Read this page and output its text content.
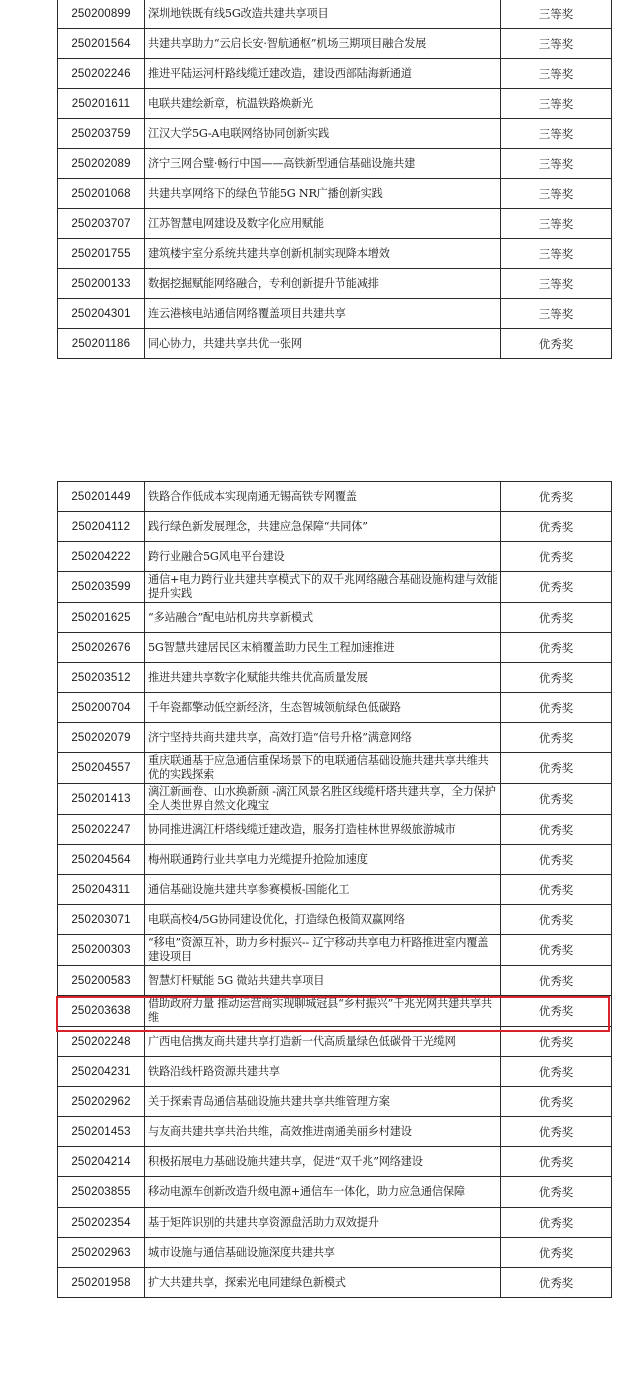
250200899	深圳地铁既有线5G改造共建共享项目	三等奖
250201564	共建共享助力“云启长安·智航通枢”机场三期项目融合发展	三等奖
250202246	推进平陆运河杆路线缆迁建改造，建设西部陆海新通道	三等奖
250201611	电联共建绘新章，杭温铁路焕新光	三等奖
250203759	江汉大学5G-A电联网络协同创新实践	三等奖
250202089	济宁三网合璧·畅行中国——高铁新型通信基础设施共建	三等奖
250201068	共建共享网络下的绿色节能5G NR广播创新实践	三等奖
250203707	江苏智慧电网建设及数字化应用赋能	三等奖
250201755	建筑楼宇室分系统共建共享创新机制实现降本增效	三等奖
250200133	数据挖掘赋能网络融合，专利创新提升节能减排	三等奖
250204301	连云港核电站通信网络覆盖项目共建共享	三等奖
250201186	同心协力，共建共享共优一张网	优秀奖
250201449	铁路合作低成本实现南通无锡高铁专网覆盖	优秀奖
250204112	践行绿色新发展理念，共建应急保障“共同体”	优秀奖
250204222	跨行业融合5G风电平台建设	优秀奖
250203599	通信+电力跨行业共建共享模式下的双千兆网络融合基础设施构建与效能提升实践	优秀奖
250201625	“多站融合”配电站机房共享新模式	优秀奖
250202676	5G智慧共建居民区末梢覆盖助力民生工程加速推进	优秀奖
250203512	推进共建共享数字化赋能共维共优高质量发展	优秀奖
250200704	千年瓷都擎动低空新经济，生态智城领航绿色低碳路	优秀奖
250202079	济宁坚持共商共建共享，高效打造“信号升格”满意网络	优秀奖
250204557	重庆联通基于应急通信重保场景下的电联通信基础设施共建共享共维共优的实践探索	优秀奖
250201413	漓江新画卷、山水换新颜 -漓江风景名胜区线缆杆塔共建共享，全力保护全人类世界自然文化瑰宝	优秀奖
250202247	协同推进漓江杆塔线缆迁建改造，服务打造桂林世界级旅游城市	优秀奖
250204564	梅州联通跨行业共享电力光缆提升抢险加速度	优秀奖
250204311	通信基础设施共建共享参赛模板-国能化工	优秀奖
250203071	电联高校4/5G协同建设优化，打造绿色极简双赢网络	优秀奖
250200303	“移电”资源互补，助力乡村振兴-- 辽宁移动共享电力杆路推进室内覆盖建设项目	优秀奖
250200583	智慧灯杆赋能 5G 微站共建共享项目	优秀奖
250203638	借助政府力量 推动运营商实现聊城冠县“乡村振兴”千兆光网共建共享共维	优秀奖
250202248	广西电信携友商共建共享打造新一代高质量绿色低碳骨干光缆网	优秀奖
250204231	铁路沿线杆路资源共建共享	优秀奖
250202962	关于探索青岛通信基础设施共建共享共维管理方案	优秀奖
250201453	与友商共建共享共治共维，高效推进南通美丽乡村建设	优秀奖
250204214	积极拓展电力基础设施共建共享，促进“双千兆”网络建设	优秀奖
250203855	移动电源车创新改造升级电源+通信车一体化，助力应急通信保障	优秀奖
250202354	基于矩阵识别的共建共享资源盘活助力双效提升	优秀奖
250202963	城市设施与通信基础设施深度共建共享	优秀奖
250201958	扩大共建共享，探索光电同建绿色新模式	优秀奖
